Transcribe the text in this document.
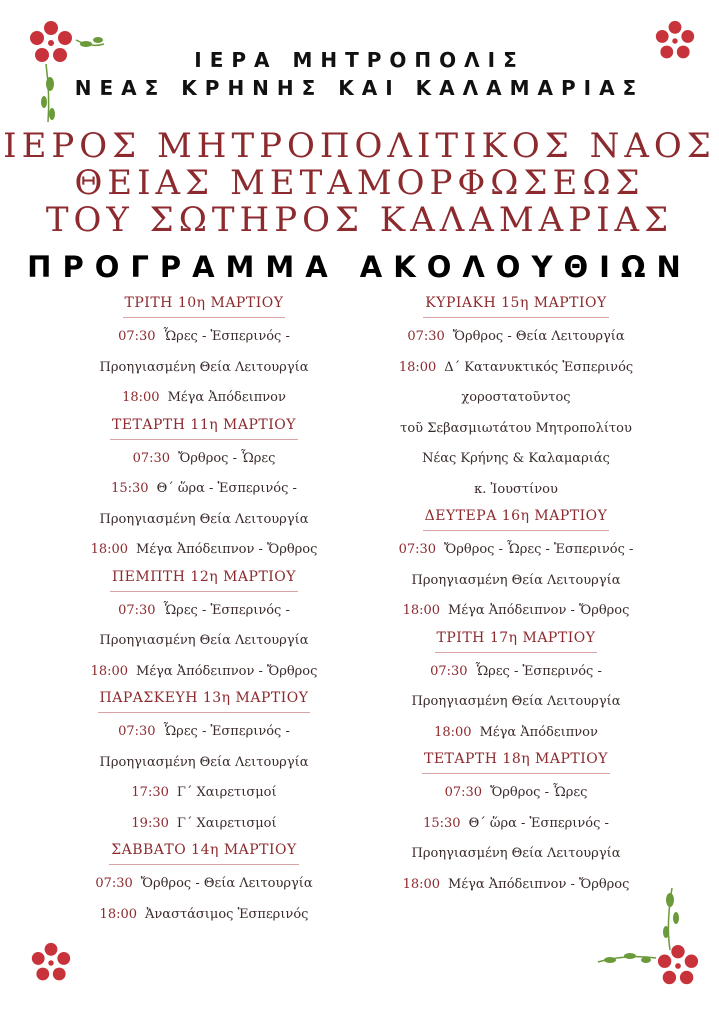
ΙΕΡΑ ΜΗΤΡΟΠΟΛΙΣ
ΝΕΑΣ ΚΡΗΝΗΣ ΚΑΙ ΚΑΛΑΜΑΡΙΑΣ
ΙΕΡΟΣ ΜΗΤΡΟΠΟΛΙΤΙΚΟΣ ΝΑΟΣ
ΘΕΙΑΣ ΜΕΤΑΜΟΡΦΩΣΕΩΣ
ΤΟΥ ΣΩΤΗΡΟΣ ΚΑΛΑΜΑΡΙΑΣ
ΠΡΟΓΡΑΜΜΑ ΑΚΟΛΟΥΘΙΩΝ
ΤΡΙΤΗ 10η ΜΑΡΤΙΟΥ
07:30 Ὧρες - Ἑσπερινός -
Προηγιασμένη Θεία Λειτουργία
18:00 Μέγα Ἀπόδειπνον
ΤΕΤΑΡΤΗ 11η ΜΑΡΤΙΟΥ
07:30 Ὄρθρος - Ὧρες
15:30 Θ΄ ὥρα - Ἑσπερινός -
Προηγιασμένη Θεία Λειτουργία
18:00 Μέγα Ἀπόδειπνον - Ὄρθρος
ΠΕΜΠΤΗ 12η ΜΑΡΤΙΟΥ
07:30 Ὧρες - Ἑσπερινός -
Προηγιασμένη Θεία Λειτουργία
18:00 Μέγα Ἀπόδειπνον - Ὄρθρος
ΠΑΡΑΣΚΕΥΗ 13η ΜΑΡΤΙΟΥ
07:30 Ὧρες - Ἑσπερινός -
Προηγιασμένη Θεία Λειτουργία
17:30 Γ΄ Χαιρετισμοί
19:30 Γ΄ Χαιρετισμοί
ΣΑΒΒΑΤΟ 14η ΜΑΡΤΙΟΥ
07:30 Ὄρθρος - Θεία Λειτουργία
18:00 Ἀναστάσιμος Ἑσπερινός
ΚΥΡΙΑΚΗ 15η ΜΑΡΤΙΟΥ
07:30 Ὄρθρος - Θεία Λειτουργία
18:00 Δ΄ Κατανυκτικός Ἑσπερινός
χοροστατοῦντος
τοῦ Σεβασμιωτάτου Μητροπολίτου
Νέας Κρήνης & Καλαμαριάς
κ. Ἰουστίνου
ΔΕΥΤΕΡΑ 16η ΜΑΡΤΙΟΥ
07:30 Ὄρθρος - Ὧρες - Ἑσπερινός -
Προηγιασμένη Θεία Λειτουργία
18:00 Μέγα Ἀπόδειπνον - Ὄρθρος
ΤΡΙΤΗ 17η ΜΑΡΤΙΟΥ
07:30 Ὧρες - Ἑσπερινός -
Προηγιασμένη Θεία Λειτουργία
18:00 Μέγα Ἀπόδειπνον
ΤΕΤΑΡΤΗ 18η ΜΑΡΤΙΟΥ
07:30 Ὄρθρος - Ὧρες
15:30 Θ΄ ὥρα - Ἑσπερινός -
Προηγιασμένη Θεία Λειτουργία
18:00 Μέγα Ἀπόδειπνον - Ὄρθρος
